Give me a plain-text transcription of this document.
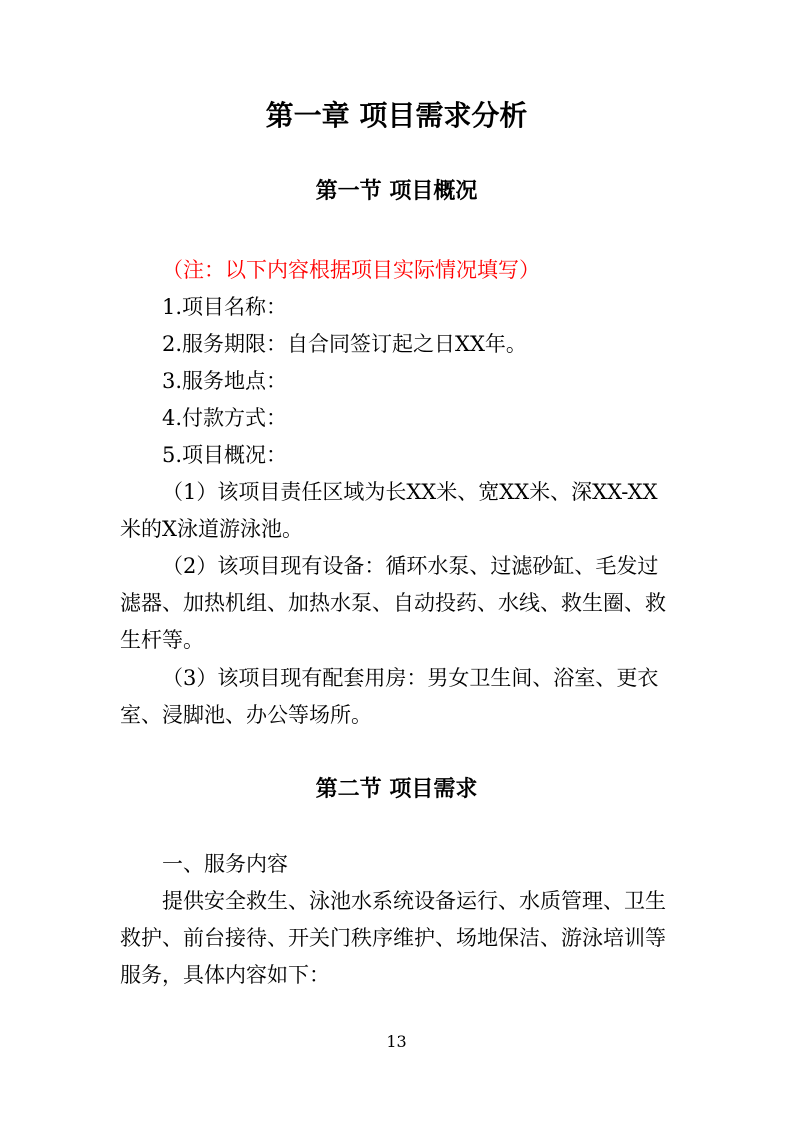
第一章 项目需求分析
第一节 项目概况
（注：以下内容根据项目实际情况填写）
1.项目名称：
2.服务期限：自合同签订起之日XX年。
3.服务地点：
4.付款方式：
5.项目概况：
（1）该项目责任区域为长XX米、宽XX米、深XX-XX米的X泳道游泳池。
（2）该项目现有设备：循环水泵、过滤砂缸、毛发过滤器、加热机组、加热水泵、自动投药、水线、救生圈、救生杆等。
（3）该项目现有配套用房：男女卫生间、浴室、更衣室、浸脚池、办公等场所。
第二节 项目需求
一、服务内容
提供安全救生、泳池水系统设备运行、水质管理、卫生救护、前台接待、开关门秩序维护、场地保洁、游泳培训等服务，具体内容如下：
13
